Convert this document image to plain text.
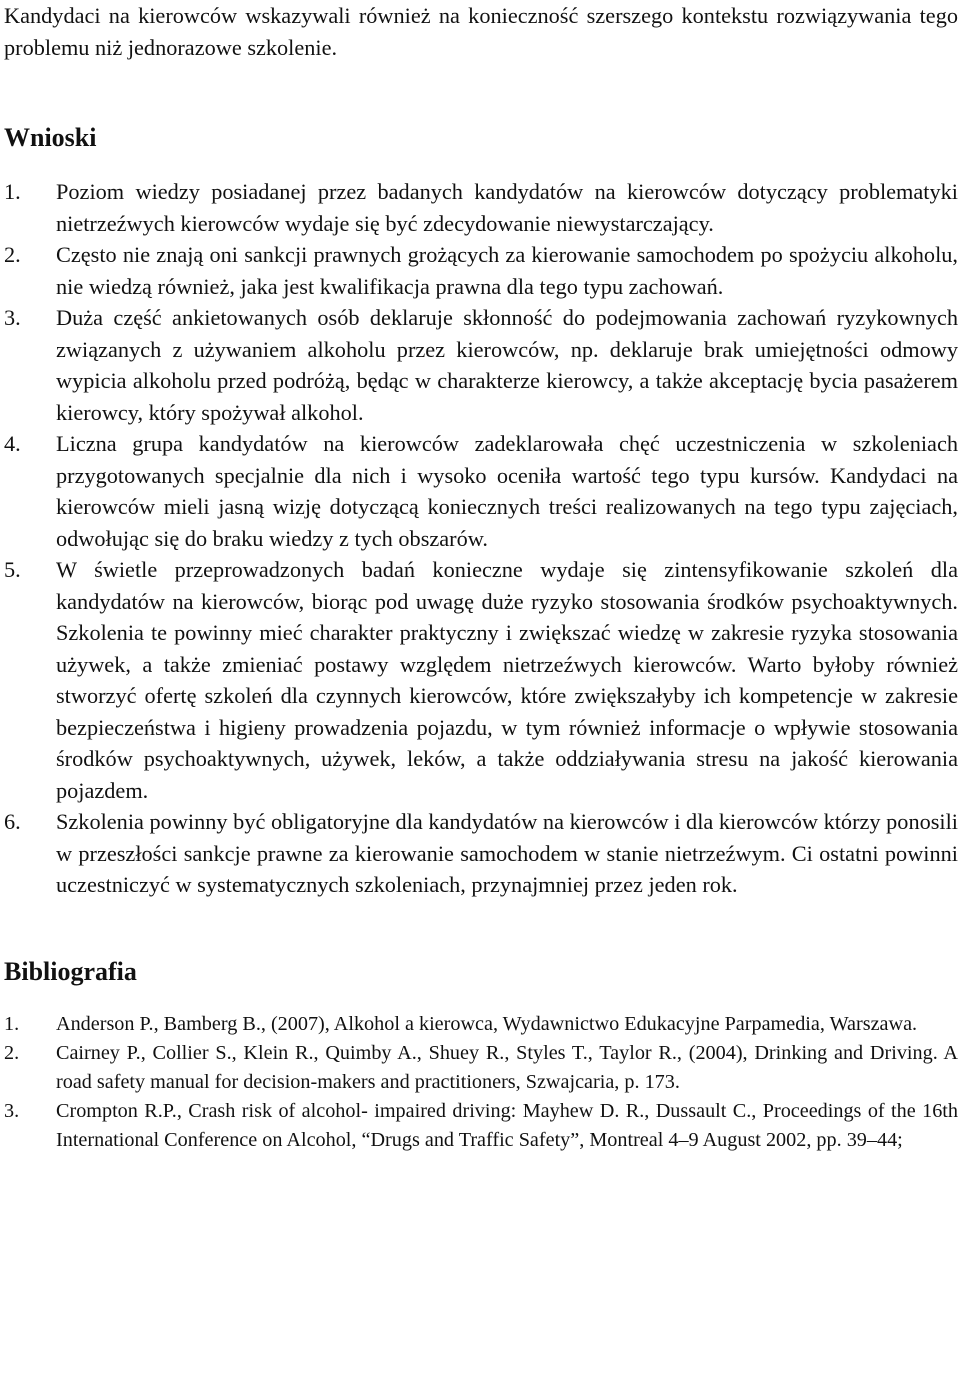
Kandydaci na kierowców wskazywali również na konieczność szerszego kontekstu rozwiązywania tego problemu niż jednorazowe szkolenie.

Wnioski
1. Poziom wiedzy posiadanej przez badanych kandydatów na kierowców dotyczący problematyki nietrzeźwych kierowców wydaje się być zdecydowanie niewystarczający.
2. Często nie znają oni sankcji prawnych grożących za kierowanie samochodem po spożyciu alkoholu, nie wiedzą również, jaka jest kwalifikacja prawna dla tego typu zachowań.
3. Duża część ankietowanych osób deklaruje skłonność do podejmowania zachowań ryzykownych związanych z używaniem alkoholu przez kierowców, np. deklaruje brak umiejętności odmowy wypicia alkoholu przed podróżą, będąc w charakterze kierowcy, a także akceptację bycia pasażerem kierowcy, który spożywał alkohol.
4. Liczna grupa kandydatów na kierowców zadeklarowała chęć uczestniczenia w szkoleniach przygotowanych specjalnie dla nich i wysoko oceniła wartość tego typu kursów. Kandydaci na kierowców mieli jasną wizję dotyczącą koniecznych treści realizowanych na tego typu zajęciach, odwołując się do braku wiedzy z tych obszarów.
5. W świetle przeprowadzonych badań konieczne wydaje się zintensyfikowanie szkoleń dla kandydatów na kierowców, biorąc pod uwagę duże ryzyko stosowania środków psychoaktywnych. Szkolenia te powinny mieć charakter praktyczny i zwiększać wiedzę w zakresie ryzyka stosowania używek, a także zmieniać postawy względem nietrzeźwych kierowców. Warto byłoby również stworzyć ofertę szkoleń dla czynnych kierowców, które zwiększałyby ich kompetencje w zakresie bezpieczeństwa i higieny prowadzenia pojazdu, w tym również informacje o wpływie stosowania środków psychoaktywnych, używek, leków, a także oddziaływania stresu na jakość kierowania pojazdem.
6. Szkolenia powinny być obligatoryjne dla kandydatów na kierowców i dla kierowców którzy ponosili w przeszłości sankcje prawne za kierowanie samochodem w stanie nietrzeźwym. Ci ostatni powinni uczestniczyć w systematycznych szkoleniach, przynajmniej przez jeden rok.
Bibliografia
1. Anderson P., Bamberg B., (2007), Alkohol a kierowca, Wydawnictwo Edukacyjne Parpamedia, Warszawa.
2. Cairney P., Collier S., Klein R., Quimby A., Shuey R., Styles T., Taylor R., (2004), Drinking and Driving. A road safety manual for decision-makers and practitioners, Szwajcaria, p. 173.
3. Crompton R.P., Crash risk of alcohol- impaired driving: Mayhew D. R., Dussault C., Proceedings of the 16th International Conference on Alcohol, “Drugs and Traffic Safety”, Montreal 4–9 August 2002, pp. 39–44;
